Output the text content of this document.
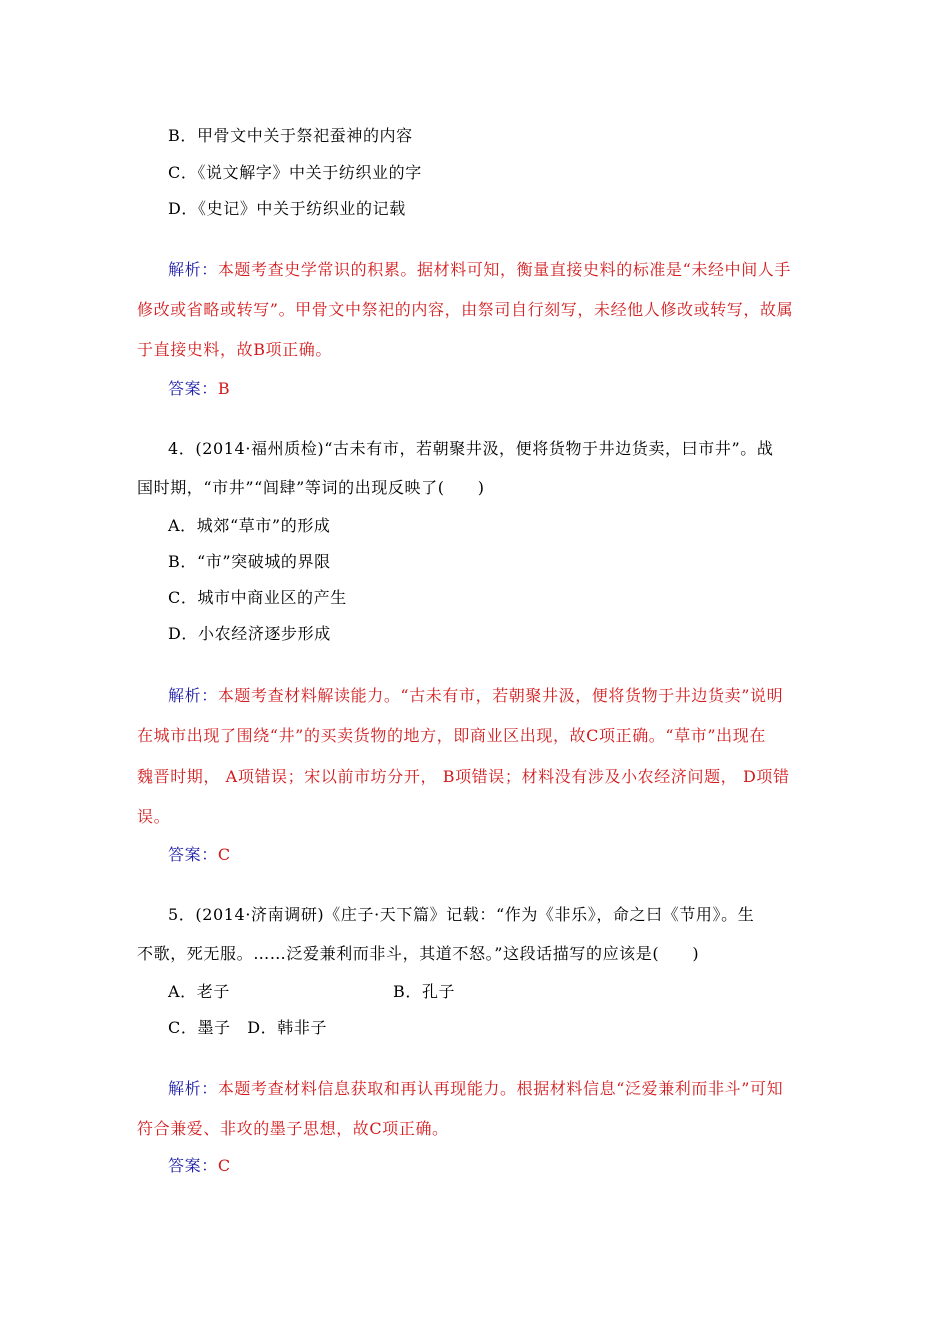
B．甲骨文中关于祭祀蚕神的内容
C．《说文解字》中关于纺织业的字
D．《史记》中关于纺织业的记载
解析：本题考查史学常识的积累。据材料可知，衡量直接史料的标准是“未经中间人手
修改或省略或转写”。甲骨文中祭祀的内容，由祭司自行刻写，未经他人修改或转写，故属
于直接史料，故B项正确。
答案：B
4．(2014·福州质检)“古未有市，若朝聚井汲，便将货物于井边货卖，曰市井”。战
国时期，“市井”“闾肆”等词的出现反映了(　　)
A．城郊“草市”的形成
B．“市”突破城的界限
C．城市中商业区的产生
D．小农经济逐步形成
解析：本题考查材料解读能力。“古未有市，若朝聚井汲，便将货物于井边货卖”说明
在城市出现了围绕“井”的买卖货物的地方，即商业区出现，故C项正确。“草市”出现在
魏晋时期， A项错误；宋以前市坊分开， B项错误；材料没有涉及小农经济问题， D项错
误。
答案：C
5．(2014·济南调研)《庄子·天下篇》记载：“作为《非乐》，命之曰《节用》。生
不歌，死无服。……泛爱兼利而非斗，其道不怒。”这段话描写的应该是(　　)
A．老子	B．孔子
C．墨子　D．韩非子
解析：本题考查材料信息获取和再认再现能力。根据材料信息“泛爱兼利而非斗”可知
符合兼爱、非攻的墨子思想，故C项正确。
答案：C
